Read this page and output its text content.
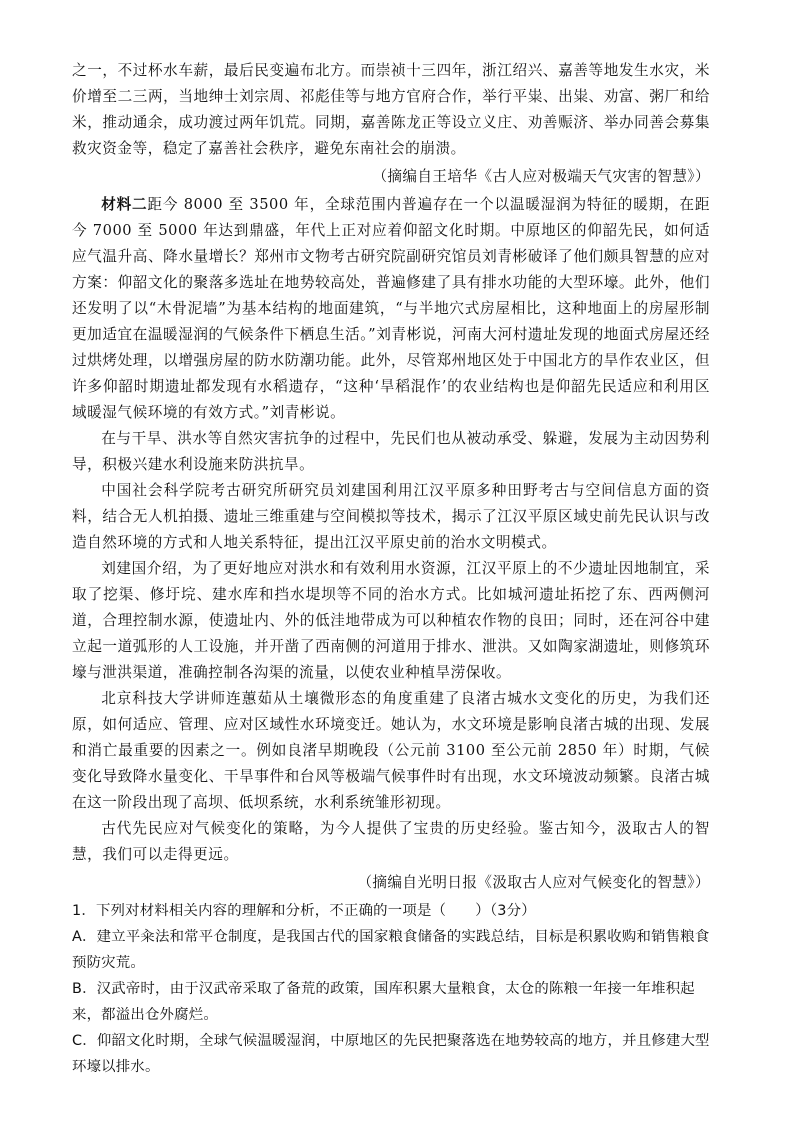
之一，不过杯水车薪，最后民变遍布北方。而崇祯十三四年，浙江绍兴、嘉善等地发生水灾，米价增至二三两，当地绅士刘宗周、祁彪佳等与地方官府合作，举行平粜、出粜、劝富、粥厂和给米，推动通余，成功渡过两年饥荒。同期，嘉善陈龙正等设立义庄、劝善赈济、举办同善会募集救灾资金等，稳定了嘉善社会秩序，避免东南社会的崩溃。

（摘编自王培华《古人应对极端天气灾害的智慧》）

材料二距今 8000 至 3500 年，全球范围内普遍存在一个以温暖湿润为特征的暖期，在距今 7000 至 5000 年达到鼎盛，年代上正对应着仰韶文化时期。中原地区的仰韶先民，如何适应气温升高、降水量增长？郑州市文物考古研究院副研究馆员刘青彬破译了他们颇具智慧的应对方案：仰韶文化的聚落多选址在地势较高处，普遍修建了具有排水功能的大型环壕。此外，他们还发明了以“木骨泥墙”为基本结构的地面建筑，“与半地穴式房屋相比，这种地面上的房屋形制更加适宜在温暖湿润的气候条件下栖息生活。”刘青彬说，河南大河村遗址发现的地面式房屋还经过烘烤处理，以增强房屋的防水防潮功能。此外，尽管郑州地区处于中国北方的旱作农业区，但许多仰韶时期遗址都发现有水稻遗存，“这种‘旱稻混作’的农业结构也是仰韶先民适应和利用区域暖湿气候环境的有效方式。”刘青彬说。

在与干旱、洪水等自然灾害抗争的过程中，先民们也从被动承受、躲避，发展为主动因势利导，积极兴建水利设施来防洪抗旱。

中国社会科学院考古研究所研究员刘建国利用江汉平原多种田野考古与空间信息方面的资料，结合无人机拍摄、遗址三维重建与空间模拟等技术，揭示了江汉平原区域史前先民认识与改造自然环境的方式和人地关系特征，提出江汉平原史前的治水文明模式。

刘建国介绍，为了更好地应对洪水和有效利用水资源，江汉平原上的不少遗址因地制宜，采取了挖渠、修圩垸、建水库和挡水堤坝等不同的治水方式。比如城河遗址拓挖了东、西两侧河道，合理控制水源，使遗址内、外的低洼地带成为可以种植农作物的良田；同时，还在河谷中建立起一道弧形的人工设施，并开凿了西南侧的河道用于排水、泄洪。又如陶家湖遗址，则修筑环壕与泄洪渠道，准确控制各沟渠的流量，以使农业种植旱涝保收。

北京科技大学讲师连蕙茹从土壤微形态的角度重建了良渚古城水文变化的历史，为我们还原，如何适应、管理、应对区域性水环境变迁。她认为，水文环境是影响良渚古城的出现、发展和消亡最重要的因素之一。例如良渚早期晚段（公元前 3100 至公元前 2850 年）时期，气候变化导致降水量变化、干旱事件和台风等极端气候事件时有出现，水文环境波动频繁。良渚古城在这一阶段出现了高坝、低坝系统，水利系统雏形初现。

古代先民应对气候变化的策略，为今人提供了宝贵的历史经验。鉴古知今，汲取古人的智慧，我们可以走得更远。

（摘编自光明日报《汲取古人应对气候变化的智慧》）

1．下列对材料相关内容的理解和分析，不正确的一项是（　　）（3分）

A．建立平籴法和常平仓制度，是我国古代的国家粮食储备的实践总结，目标是积累收购和销售粮食预防灾荒。

B．汉武帝时，由于汉武帝采取了备荒的政策，国库积累大量粮食，太仓的陈粮一年接一年堆积起来，都溢出仓外腐烂。

C．仰韶文化时期，全球气候温暖湿润，中原地区的先民把聚落选在地势较高的地方，并且修建大型环壕以排水。
